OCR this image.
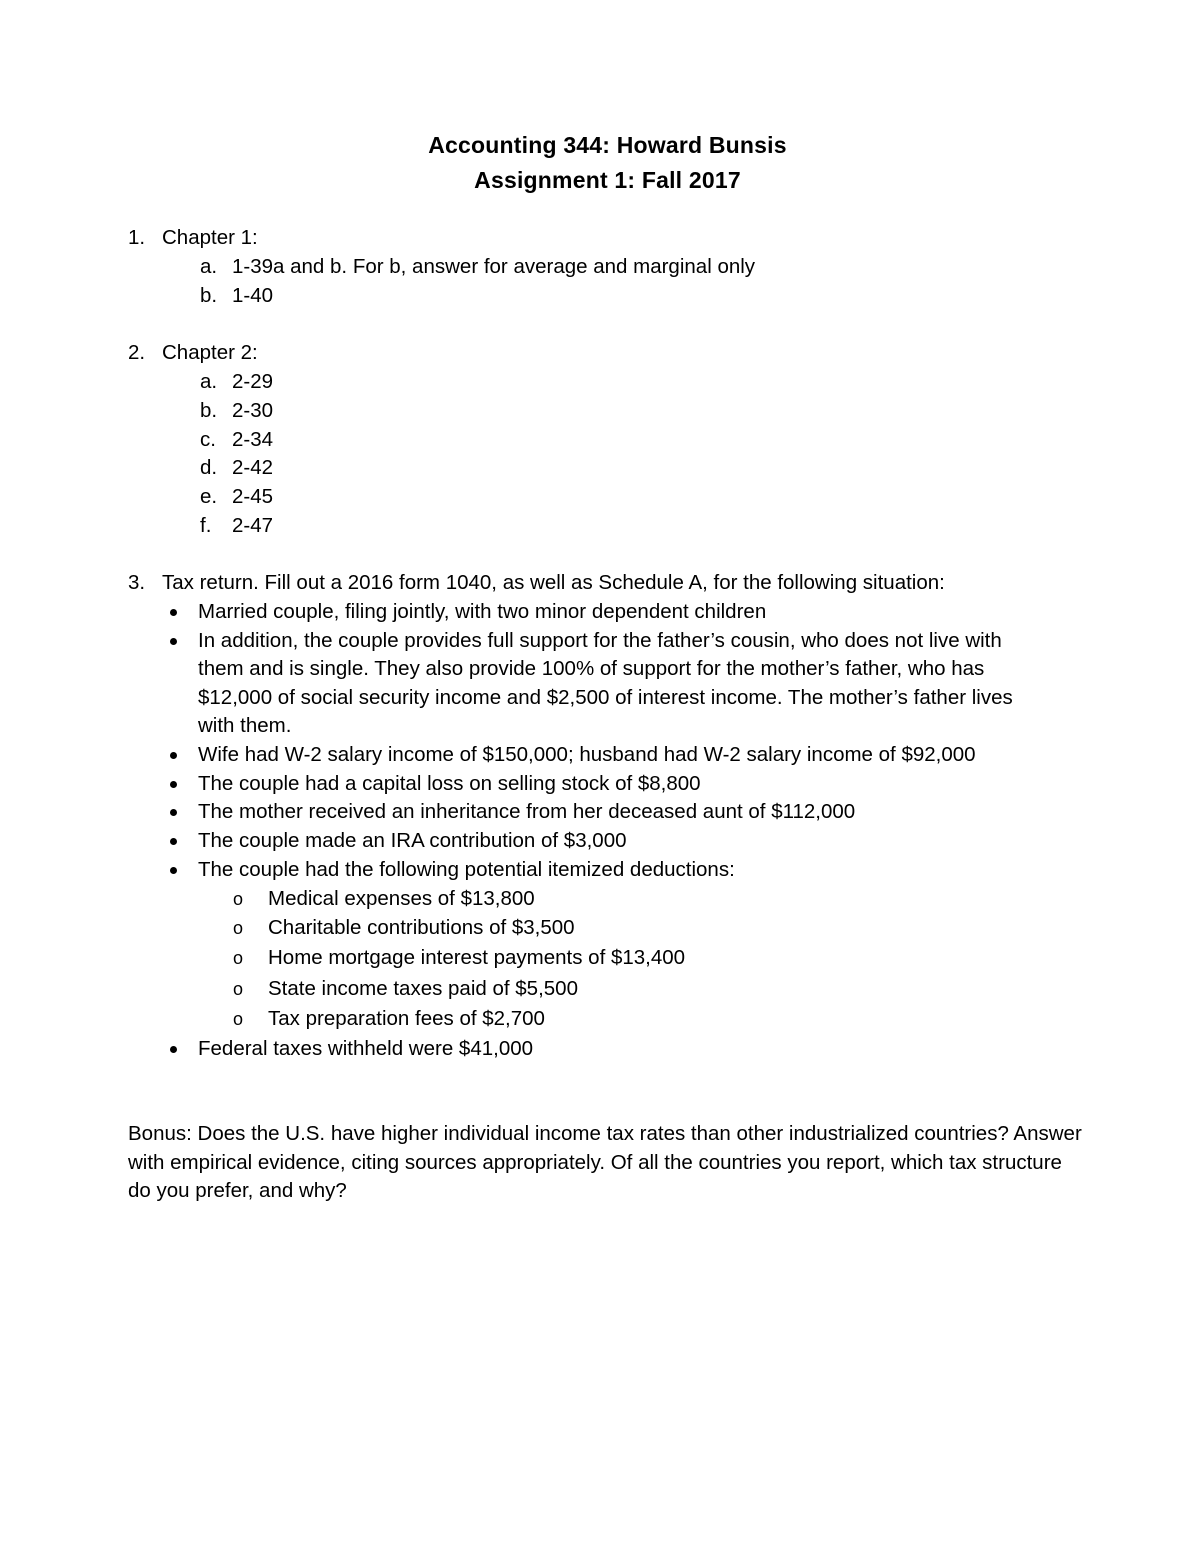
Accounting 344: Howard Bunsis
Assignment 1: Fall 2017
1. Chapter 1:
a. 1-39a and b. For b, answer for average and marginal only
b. 1-40
2. Chapter 2:
a. 2-29
b. 2-30
c. 2-34
d. 2-42
e. 2-45
f. 2-47
3. Tax return. Fill out a 2016 form 1040, as well as Schedule A, for the following situation:
Married couple, filing jointly, with two minor dependent children
In addition, the couple provides full support for the father’s cousin, who does not live with
them and is single. They also provide 100% of support for the mother’s father, who has
$12,000 of social security income and $2,500 of interest income. The mother’s father lives
with them.
Wife had W-2 salary income of $150,000; husband had W-2 salary income of $92,000
The couple had a capital loss on selling stock of $8,800
The mother received an inheritance from her deceased aunt of $112,000
The couple made an IRA contribution of $3,000
The couple had the following potential itemized deductions:
o Medical expenses of $13,800
o Charitable contributions of $3,500
o Home mortgage interest payments of $13,400
o State income taxes paid of $5,500
o Tax preparation fees of $2,700
Federal taxes withheld were $41,000
Bonus: Does the U.S. have higher individual income tax rates than other industrialized countries? Answer with empirical evidence, citing sources appropriately. Of all the countries you report, which tax structure do you prefer, and why?
